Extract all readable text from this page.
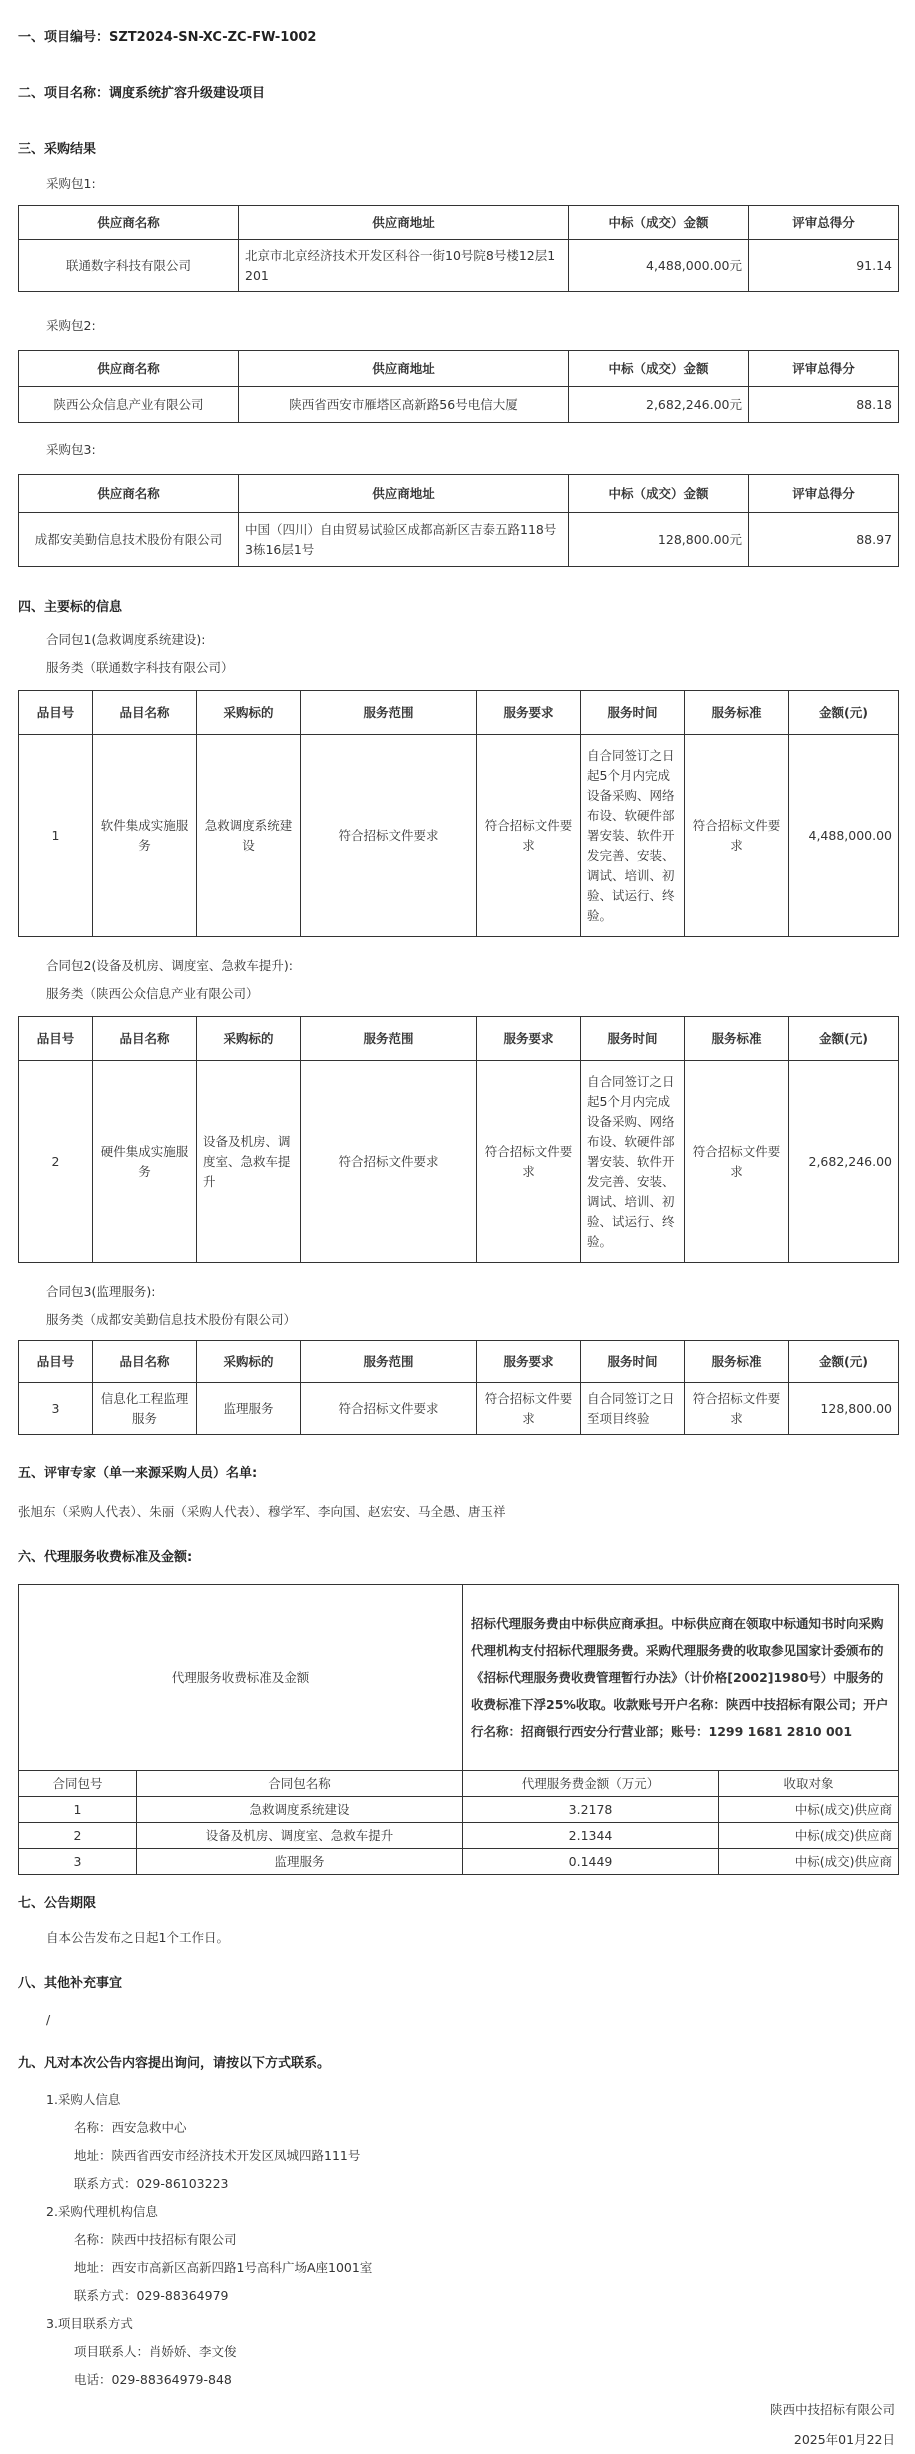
一、项目编号：SZT2024-SN-XC-ZC-FW-1002
二、项目名称：调度系统扩容升级建设项目
三、采购结果
采购包1:
供应商名称	供应商地址	中标（成交）金额	评审总得分
联通数字科技有限公司	北京市北京经济技术开发区科谷一街10号院8号楼12层1201	4,488,000.00元	91.14
采购包2:
供应商名称	供应商地址	中标（成交）金额	评审总得分
陕西公众信息产业有限公司	陕西省西安市雁塔区高新路56号电信大厦	2,682,246.00元	88.18
采购包3:
供应商名称	供应商地址	中标（成交）金额	评审总得分
成都安美勤信息技术股份有限公司	中国（四川）自由贸易试验区成都高新区吉泰五路118号3栋16层1号	128,800.00元	88.97
四、主要标的信息
合同包1(急救调度系统建设):
服务类（联通数字科技有限公司）
品目号	品目名称	采购标的	服务范围	服务要求	服务时间	服务标准	金额(元)
1	软件集成实施服务	急救调度系统建设	符合招标文件要求	符合招标文件要求	自合同签订之日起5个月内完成设备采购、网络布设、软硬件部署安装、软件开发完善、安装、调试、培训、初验、试运行、终验。	符合招标文件要求	4,488,000.00
合同包2(设备及机房、调度室、急救车提升):
服务类（陕西公众信息产业有限公司）
品目号	品目名称	采购标的	服务范围	服务要求	服务时间	服务标准	金额(元)
2	硬件集成实施服务	设备及机房、调度室、急救车提升	符合招标文件要求	符合招标文件要求	自合同签订之日起5个月内完成设备采购、网络布设、软硬件部署安装、软件开发完善、安装、调试、培训、初验、试运行、终验。	符合招标文件要求	2,682,246.00
合同包3(监理服务):
服务类（成都安美勤信息技术股份有限公司）
品目号	品目名称	采购标的	服务范围	服务要求	服务时间	服务标准	金额(元)
3	信息化工程监理服务	监理服务	符合招标文件要求	符合招标文件要求	自合同签订之日至项目终验	符合招标文件要求	128,800.00
五、评审专家（单一来源采购人员）名单:
张旭东（采购人代表）、朱丽（采购人代表）、穆学军、李向国、赵宏安、马全愚、唐玉祥
六、代理服务收费标准及金额:
代理服务收费标准及金额		招标代理服务费由中标供应商承担。中标供应商在领取中标通知书时向采购代理机构支付招标代理服务费。采购代理服务费的收取参见国家计委颁布的《招标代理服务费收费管理暂行办法》（计价格[2002]1980号）中服务的收费标准下浮25%收取。收款账号开户名称：陕西中技招标有限公司；开户行名称：招商银行西安分行营业部；账号：1299 1681 2810 001	
合同包号	合同包名称	代理服务费金额（万元）	收取对象
1	急救调度系统建设	3.2178	中标(成交)供应商
2	设备及机房、调度室、急救车提升	2.1344	中标(成交)供应商
3	监理服务	0.1449	中标(成交)供应商
七、公告期限
自本公告发布之日起1个工作日。
八、其他补充事宜
/
九、凡对本次公告内容提出询问，请按以下方式联系。
1.采购人信息
名称：西安急救中心
地址：陕西省西安市经济技术开发区凤城四路111号
联系方式：029-86103223
2.采购代理机构信息
名称：陕西中技招标有限公司
地址：西安市高新区高新四路1号高科广场A座1001室
联系方式：029-88364979
3.项目联系方式
项目联系人：肖娇娇、李文俊
电话：029-88364979-848
陕西中技招标有限公司
2025年01月22日
